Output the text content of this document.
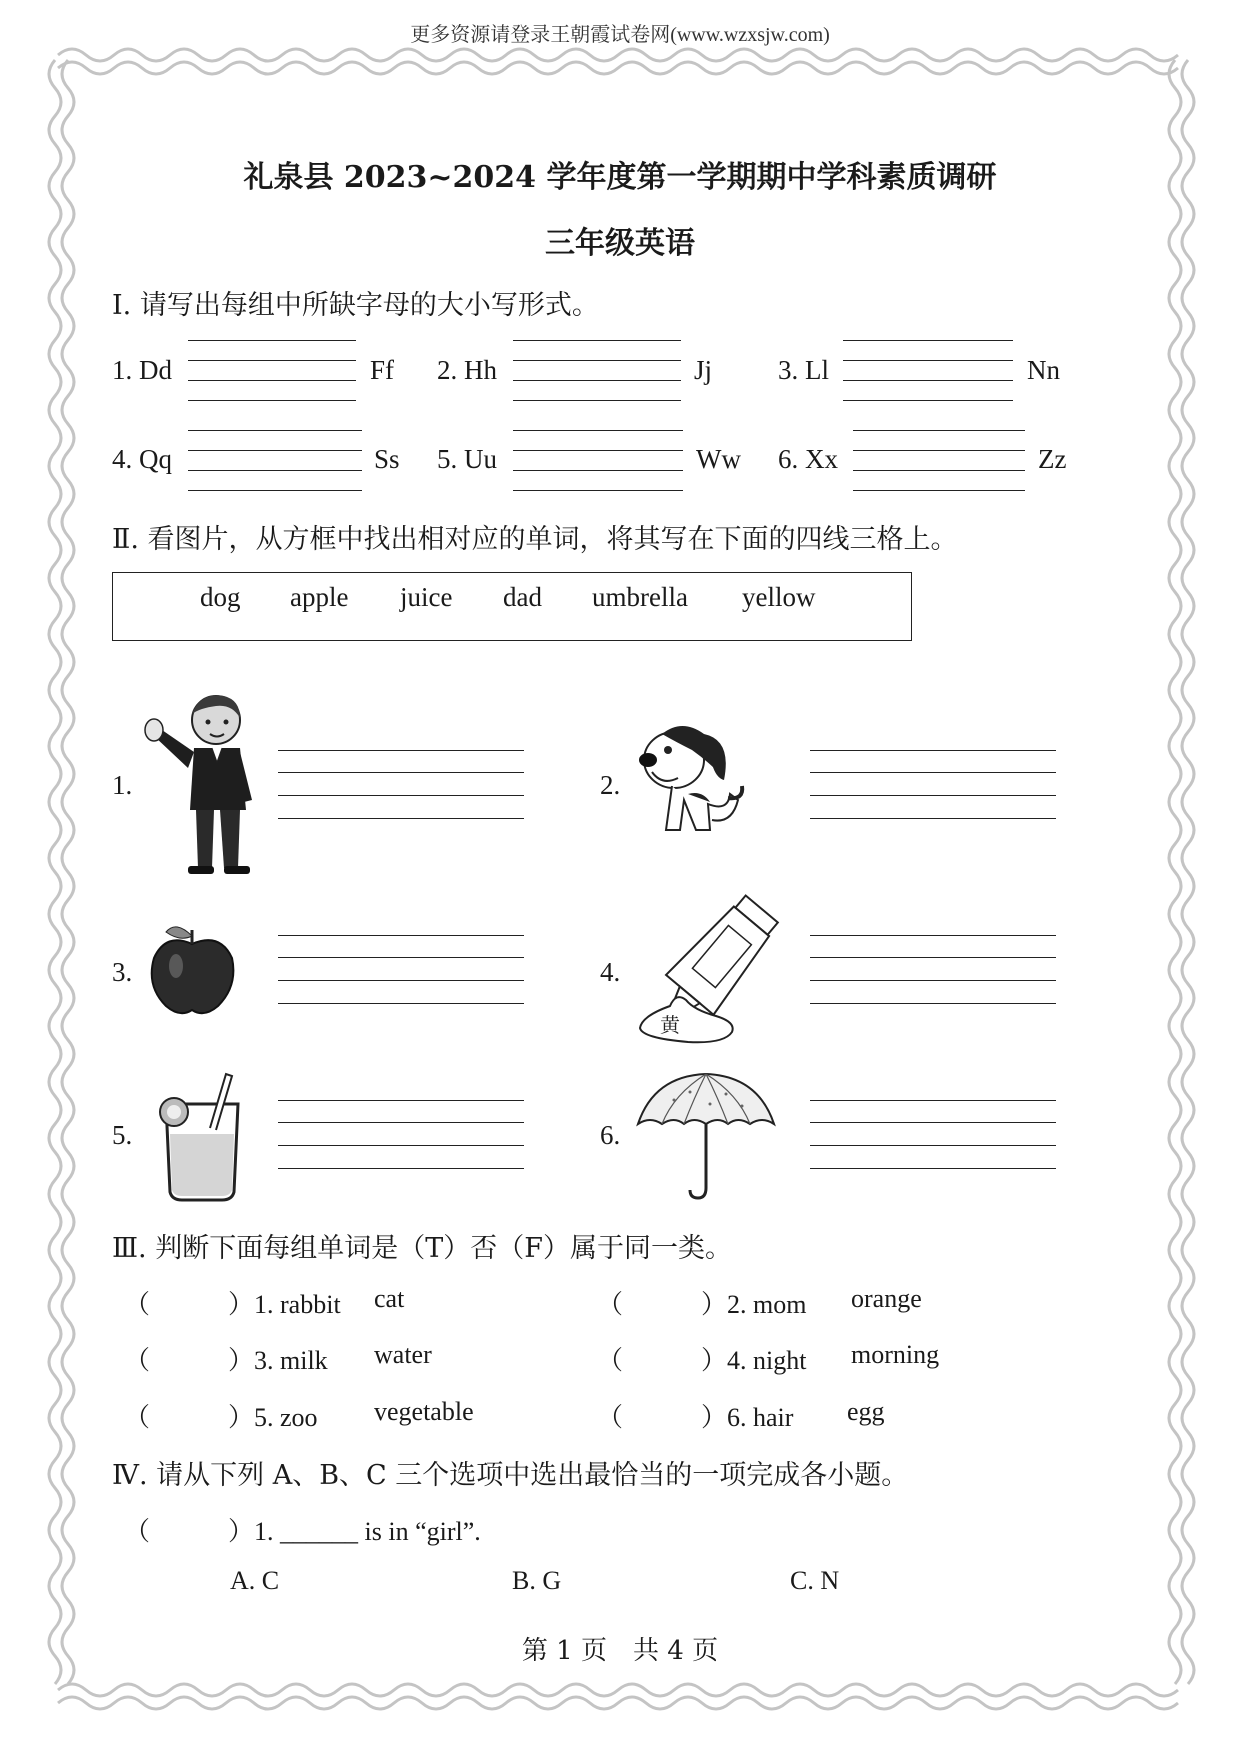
更多资源请登录王朝霞试卷网(www.wzxsjw.com)
礼泉县 2023~2024 学年度第一学期期中学科素质调研
三年级英语
I. 请写出每组中所缺字母的大小写形式。
1. Dd	Ff 2. Hh	Jj 3. Ll	Nn
4. Qq	Ss 5. Uu	Ww 6. Xx	Zz
Ⅱ. 看图片，从方框中找出相对应的单词，将其写在下面的四线三格上。
dog apple juice dad umbrella yellow
1.	2.
3.	4.
黄
5.	6.
Ⅲ. 判断下面每组单词是（T）否（F）属于同一类。
（　　　）1. rabbit cat	（　　　）2. mom orange
（　　　）3. milk water	（　　　）4. night morning
（　　　）5. zoo vegetable	（　　　）6. hair egg
Ⅳ. 请从下列 A、B、C 三个选项中选出最恰当的一项完成各小题。
（　　　）1. ______ is in “girl”.
A. C	B. G	C. N
第 1 页　共 4 页
